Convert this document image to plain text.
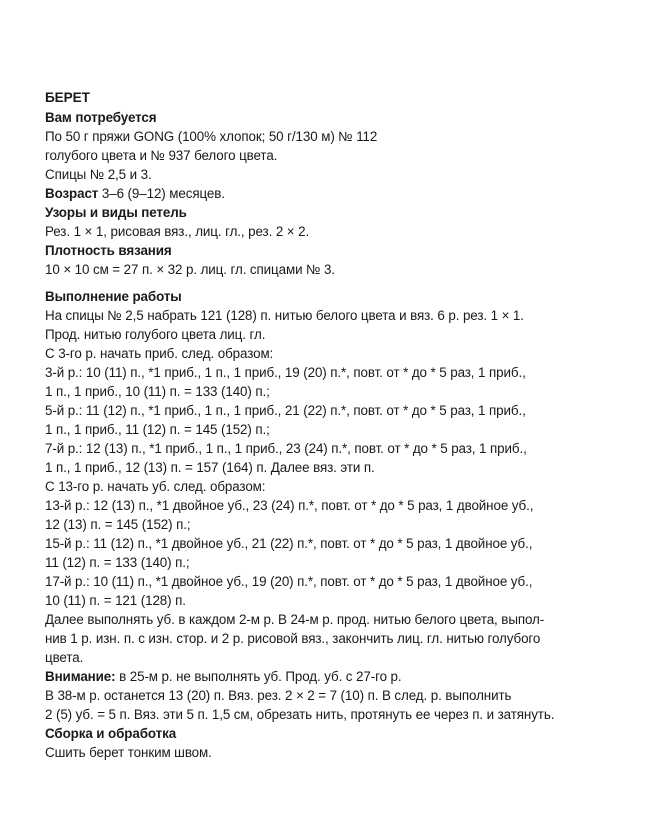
БЕРЕТ
Вам потребуется
По 50 г пряжи GONG (100% хлопок; 50 г/130 м) № 112
голубого цвета и № 937 белого цвета.
Спицы № 2,5 и 3.
Возраст 3–6 (9–12) месяцев.
Узоры и виды петель
Рез. 1 × 1, рисовая вяз., лиц. гл., рез. 2 × 2.
Плотность вязания
10 × 10 см = 27 п. × 32 р. лиц. гл. спицами № 3.
Выполнение работы
На спицы № 2,5 набрать 121 (128) п. нитью белого цвета и вяз. 6 р. рез. 1 × 1.
Прод. нитью голубого цвета лиц. гл.
С 3-го р. начать приб. след. образом:
3-й р.: 10 (11) п., *1 приб., 1 п., 1 приб., 19 (20) п.*, повт. от * до * 5 раз, 1 приб.,
1 п., 1 приб., 10 (11) п. = 133 (140) п.;
5-й р.: 11 (12) п., *1 приб., 1 п., 1 приб., 21 (22) п.*, повт. от * до * 5 раз, 1 приб.,
1 п., 1 приб., 11 (12) п. = 145 (152) п.;
7-й р.: 12 (13) п., *1 приб., 1 п., 1 приб., 23 (24) п.*, повт. от * до * 5 раз, 1 приб.,
1 п., 1 приб., 12 (13) п. = 157 (164) п. Далее вяз. эти п.
С 13-го р. начать уб. след. образом:
13-й р.: 12 (13) п., *1 двойное уб., 23 (24) п.*, повт. от * до * 5 раз, 1 двойное уб.,
12 (13) п. = 145 (152) п.;
15-й р.: 11 (12) п., *1 двойное уб., 21 (22) п.*, повт. от * до * 5 раз, 1 двойное уб.,
11 (12) п. = 133 (140) п.;
17-й р.: 10 (11) п., *1 двойное уб., 19 (20) п.*, повт. от * до * 5 раз, 1 двойное уб.,
10 (11) п. = 121 (128) п.
Далее выполнять уб. в каждом 2-м р. В 24-м р. прод. нитью белого цвета, выпол-
нив 1 р. изн. п. с изн. стор. и 2 р. рисовой вяз., закончить лиц. гл. нитью голубого
цвета.
Внимание: в 25-м р. не выполнять уб. Прод. уб. с 27-го р.
В 38-м р. останется 13 (20) п. Вяз. рез. 2 × 2 = 7 (10) п. В след. р. выполнить
2 (5) уб. = 5 п. Вяз. эти 5 п. 1,5 см, обрезать нить, протянуть ее через п. и затянуть.
Сборка и обработка
Сшить берет тонким швом.
